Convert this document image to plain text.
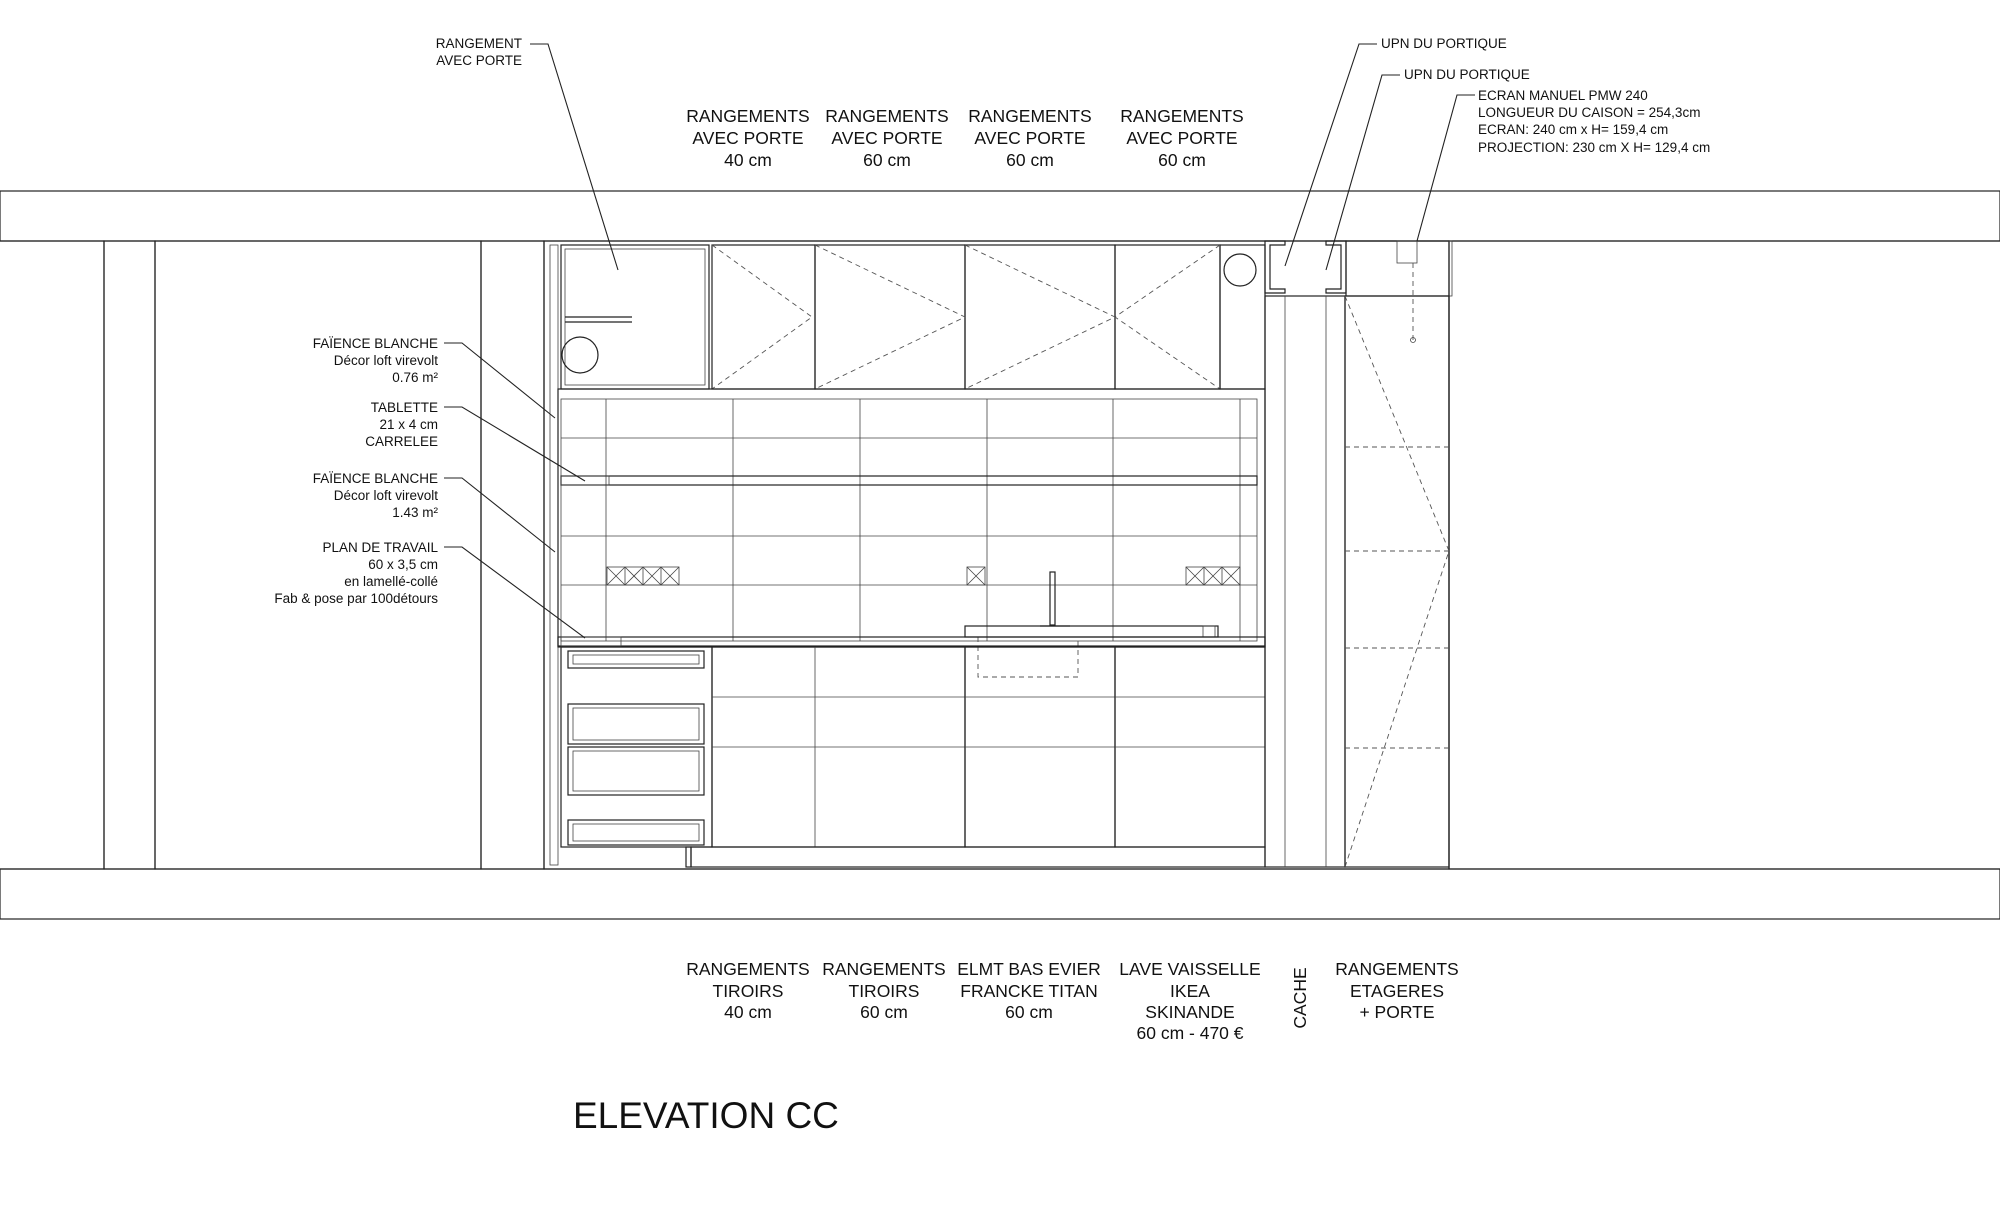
RANGEMENTS
AVEC PORTE
40 cm
RANGEMENTS
AVEC PORTE
60 cm
RANGEMENTS
AVEC PORTE
60 cm
RANGEMENTS
AVEC PORTE
60 cm
RANGEMENTS
TIROIRS
40 cm
RANGEMENTS
TIROIRS
60 cm
ELMT BAS EVIER
FRANCKE TITAN
60 cm
LAVE VAISSELLE
IKEA
SKINANDE
60 cm - 470 €
CACHE RANGEMENTS
ETAGERES
+ PORTE
FAÏENCE BLANCHE
Décor loft virevolt
0.76 m²
TABLETTE
21 x 4 cm
CARRELEE
FAÏENCE BLANCHE
Décor loft virevolt
1.43 m²
PLAN DE TRAVAIL
60 x 3,5 cm
en lamellé-collé
Fab & pose par 100détours
RANGEMENT
AVEC PORTE
UPN DU PORTIQUE
UPN DU PORTIQUE
ECRAN MANUEL PMW 240
LONGUEUR DU CAISON = 254,3cm
ECRAN: 240 cm x H= 159,4 cm
PROJECTION: 230 cm X H= 129,4 cm
ELEVATION CC
